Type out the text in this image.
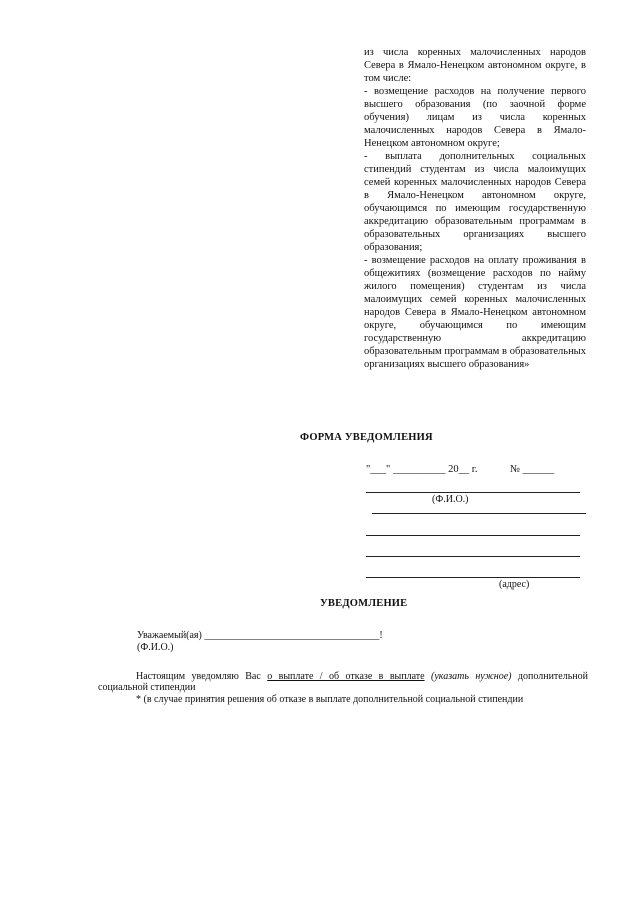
из числа коренных малочисленных народов Севера в Ямало-Ненецком автономном округе, в том числе:

- возмещение расходов на получение первого высшего образования (по заочной форме обучения) лицам из числа коренных малочисленных народов Севера в Ямало-Ненецком автономном округе;

- выплата дополнительных социальных стипендий студентам из числа малоимущих семей коренных малочисленных народов Севера в Ямало-Ненецком автономном округе, обучающимся по имеющим государственную аккредитацию образовательным программам в образовательных организациях высшего образования;

- возмещение расходов на оплату проживания в общежитиях (возмещение расходов по найму жилого помещения) студентам из числа малоимущих семей коренных малочисленных народов Севера в Ямало-Ненецком автономном округе, обучающимся по имеющим государственную аккредитацию образовательным программам в образовательных организациях высшего образования»

ФОРМА УВЕДОМЛЕНИЯ
"___" __________ 20__ г.	№ ______
(Ф.И.О.)
(адрес)
УВЕДОМЛЕНИЕ
Уважаемый(ая) ___________________________________!
(Ф.И.О.)
Настоящим уведомляю Вас о выплате / об отказе в выплате (указать нужное) дополнительной социальной стипендии
* (в случае принятия решения об отказе в выплате дополнительной социальной стипендии
